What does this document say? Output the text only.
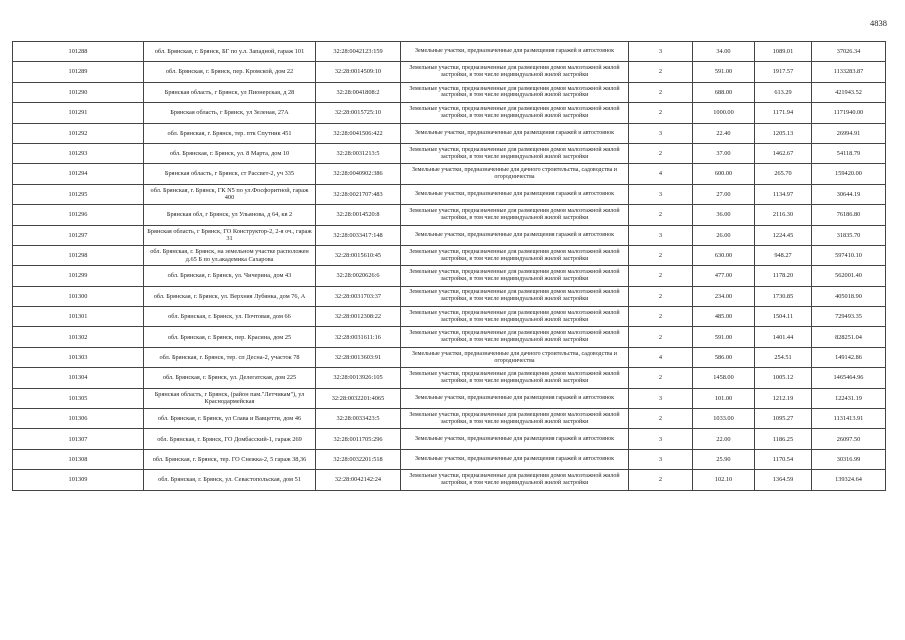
4838
101288	обл. Брянская, г. Брянск, БГ по у.л. Западной, гараж 101	32:28:0042123:159	Земельные участки, предназначенные для размещения гаражей и автостоянок	3	34.00	1089.01	37026.34
101289	обл. Брянская, г. Брянск, пер. Кромской, дом 22	32:28:0014509:10	Земельные участки, предназначенные для размещения домов малоэтажной жилой застройки, в том числе индивидуальной жилой застройки	2	591.00	1917.57	1133283.87
101290	Брянская область, г Брянск, ул Пионерская, д 28	32:28:0041808:2	Земельные участки, предназначенные для размещения домов малоэтажной жилой застройки, в том числе индивидуальной жилой застройки	2	688.00	613.29	421943.52
101291	Брянская область, г Брянск, ул Зеленая, 27А	32:28:0015725:10	Земельные участки, предназначенные для размещения домов малоэтажной жилой застройки, в том числе индивидуальной жилой застройки	2	1000.00	1171.94	1171940.00
101292	обл. Брянская, г. Брянск, тер. птк Спутник 451	32:28:0041506:422	Земельные участки, предназначенные для размещения гаражей и автостоянок	3	22.40	1205.13	26994.91
101293	обл. Брянская, г. Брянск, ул. 8 Марта, дом 10	32:28:0031213:5	Земельные участки, предназначенные для размещения домов малоэтажной жилой застройки, в том числе индивидуальной жилой застройки	2	37.00	1462.67	54118.79
101294	Брянская область, г Брянск, ст Рассвет-2, уч 335	32:28:0040902:386	Земельные участки, предназначенные для дачного строительства, садоводства и огородничества	4	600.00	265.70	159420.00
101295	обл. Брянская, г. Брянск, ГК N5 по ул.Фосфоритной, гараж 400	32:28:0021707:483	Земельные участки, предназначенные для размещения гаражей и автостоянок	3	27.00	1134.97	30644.19
101296	Брянская обл, г Брянск, ул Ульянова, д 64, кв 2	32:28:0014520:8	Земельные участки, предназначенные для размещения домов малоэтажной жилой застройки, в том числе индивидуальной жилой застройки	2	36.00	2116.30	76186.80
101297	Брянская область, г Брянск, ГО Конструктор-2, 2-я оч., гараж 31	32:28:0033417:148	Земельные участки, предназначенные для размещения гаражей и автостоянок	3	26.00	1224.45	31835.70
101298	обл. Брянская, г. Брянск, на земельном участке расположен д.65 Б по ул.академика Сахарова	32:28:0015610:45	Земельные участки, предназначенные для размещения домов малоэтажной жилой застройки, в том числе индивидуальной жилой застройки	2	630.00	948.27	597410.10
101299	обл. Брянская, г. Брянск, ул. Чичерина, дом 43	32:28:0020626:6	Земельные участки, предназначенные для размещения домов малоэтажной жилой застройки, в том числе индивидуальной жилой застройки	2	477.00	1178.20	562001.40
101300	обл. Брянская, г. Брянск, ул. Верхняя Лубянка, дом 76, А	32:28:0031703:37	Земельные участки, предназначенные для размещения домов малоэтажной жилой застройки, в том числе индивидуальной жилой застройки	2	234.00	1730.85	405018.90
101301	обл. Брянская, г. Брянск, ул. Почтовая, дом 66	32:28:0012308:22	Земельные участки, предназначенные для размещения домов малоэтажной жилой застройки, в том числе индивидуальной жилой застройки	2	485.00	1504.11	729493.35
101302	обл. Брянская, г. Брянск, пер. Красина, дом 25	32:28:0031611:16	Земельные участки, предназначенные для размещения домов малоэтажной жилой застройки, в том числе индивидуальной жилой застройки	2	591.00	1401.44	828251.04
101303	обл. Брянская, г. Брянск, тер. сп Десна-2, участок 78	32:28:0013603:91	Земельные участки, предназначенные для дачного строительства, садоводства и огородничества	4	586.00	254.51	149142.86
101304	обл. Брянская, г. Брянск, ул. Делегатская, дом 225	32:28:0013926:105	Земельные участки, предназначенные для размещения домов малоэтажной жилой застройки, в том числе индивидуальной жилой застройки	2	1458.00	1005.12	1465464.96
101305	Брянская область, г Брянск, (район пам."Летчикам"), ул Краснодармейская	32:28:0032201:4065	Земельные участки, предназначенные для размещения гаражей и автостоянок	3	101.00	1212.19	122431.19
101306	обл. Брянская, г. Брянск, ул Слава и Вавцетти, дом 46	32:28:0033423:5	Земельные участки, предназначенные для размещения домов малоэтажной жилой застройки, в том числе индивидуальной жилой застройки	2	1033.00	1095.27	1131413.91
101307	обл. Брянская, г. Брянск, ГО Домбасский-1, гараж 269	32:28:0011705:296	Земельные участки, предназначенные для размещения гаражей и автостоянок	3	22.00	1186.25	26097.50
101308	обл. Брянская, г. Брянск, тер. ГО Снежка-2, 5 гараж 38,36	32:28:0032201:518	Земельные участки, предназначенные для размещения гаражей и автостоянок	3	25.90	1170.54	30316.99
101309	обл. Брянская, г. Брянск, ул. Севастопольская, дом 51	32:28:0042142:24	Земельные участки, предназначенные для размещения домов малоэтажной жилой застройки, в том числе индивидуальной жилой застройки	2	102.10	1364.59	139324.64
